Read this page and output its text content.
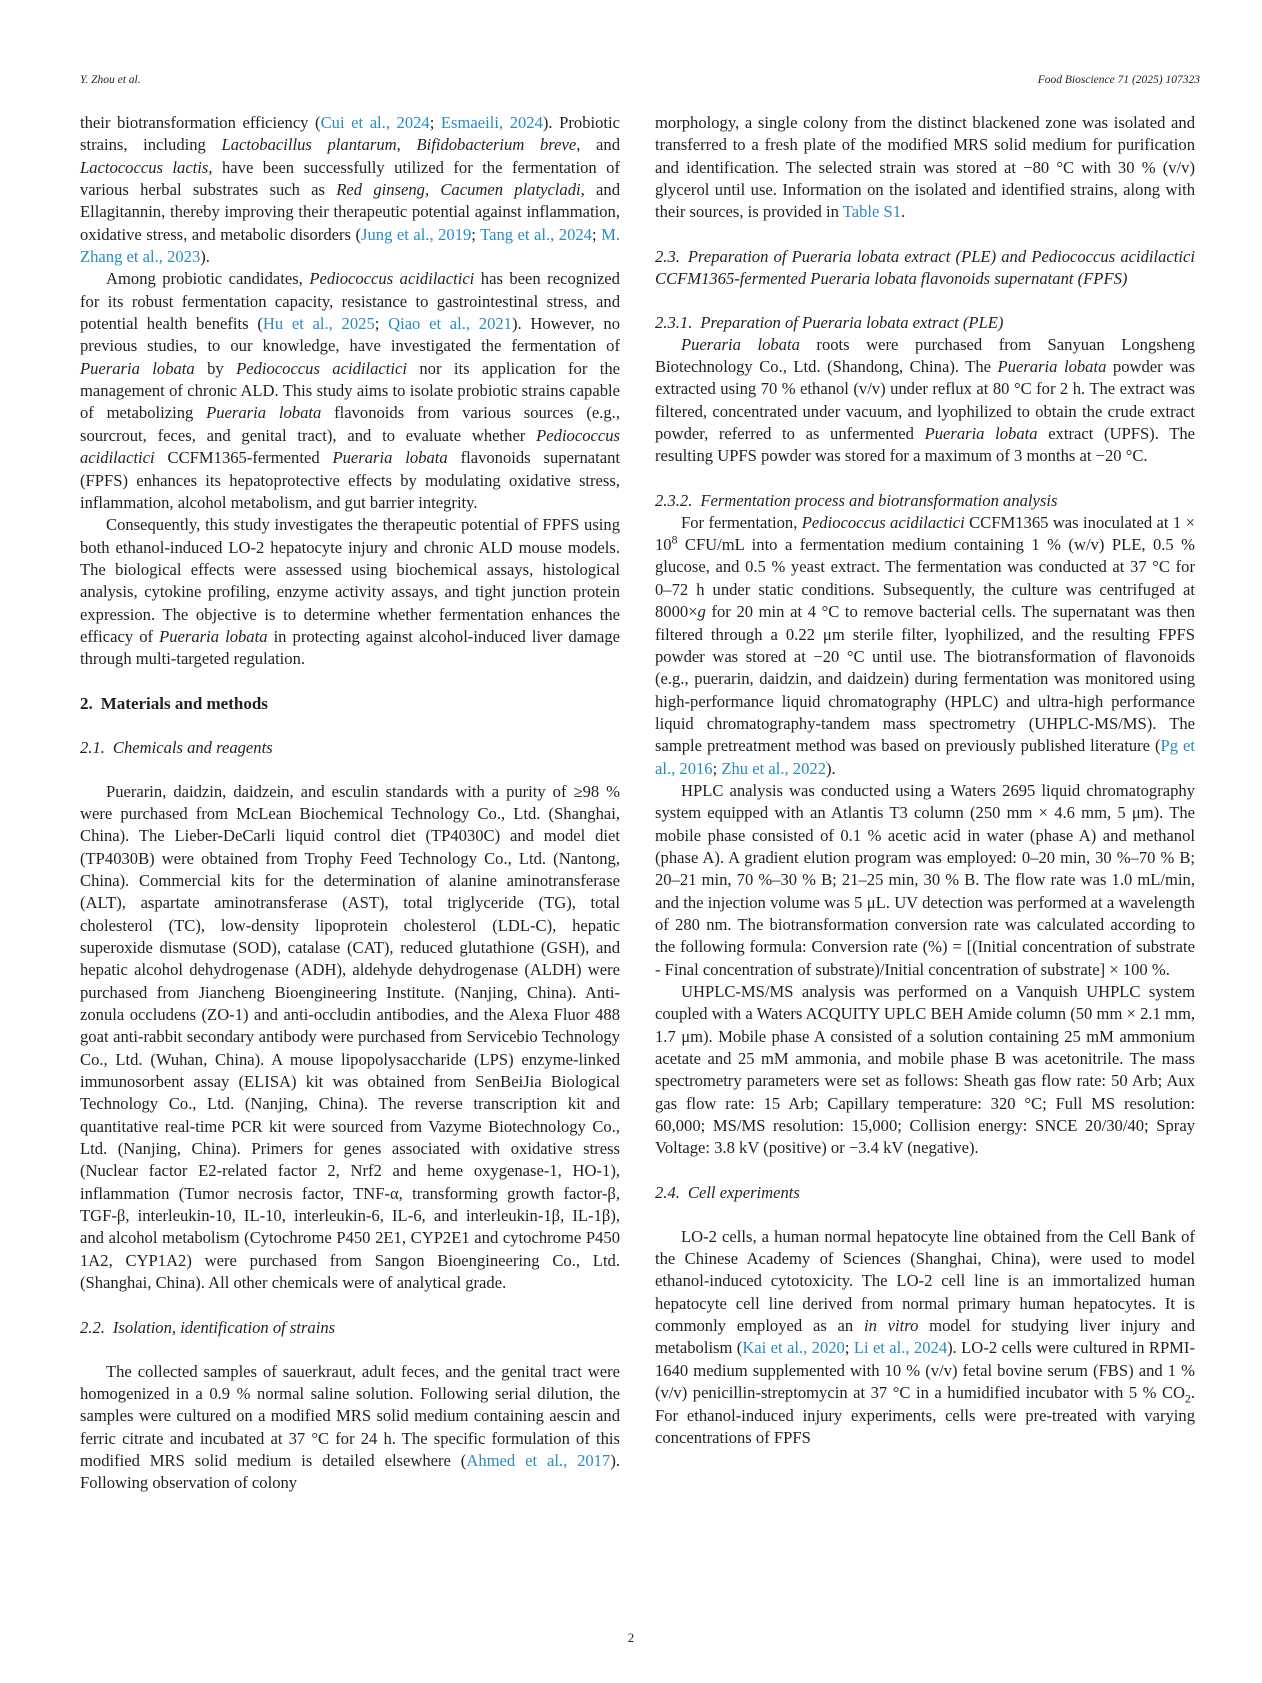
Y. Zhou et al.	Food Bioscience 71 (2025) 107323

their biotransformation efficiency (Cui et al., 2024; Esmaeili, 2024). Probiotic strains, including Lactobacillus plantarum, Bifidobacterium breve, and Lactococcus lactis, have been successfully utilized for the fermentation of various herbal substrates such as Red ginseng, Cacumen platycladi, and Ellagitannin, thereby improving their therapeutic potential against inflammation, oxidative stress, and metabolic disorders (Jung et al., 2019; Tang et al., 2024; M. Zhang et al., 2023).

Among probiotic candidates, Pediococcus acidilactici has been recognized for its robust fermentation capacity, resistance to gastrointestinal stress, and potential health benefits (Hu et al., 2025; Qiao et al., 2021). However, no previous studies, to our knowledge, have investigated the fermentation of Pueraria lobata by Pediococcus acidilactici nor its application for the management of chronic ALD. This study aims to isolate probiotic strains capable of metabolizing Pueraria lobata flavonoids from various sources (e.g., sourcrout, feces, and genital tract), and to evaluate whether Pediococcus acidilactici CCFM1365-fermented Pueraria lobata flavonoids supernatant (FPFS) enhances its hepatoprotective effects by modulating oxidative stress, inflammation, alcohol metabolism, and gut barrier integrity.

Consequently, this study investigates the therapeutic potential of FPFS using both ethanol-induced LO-2 hepatocyte injury and chronic ALD mouse models. The biological effects were assessed using biochemical assays, histological analysis, cytokine profiling, enzyme activity assays, and tight junction protein expression. The objective is to determine whether fermentation enhances the efficacy of Pueraria lobata in protecting against alcohol-induced liver damage through multi-targeted regulation.

2. Materials and methods
2.1. Chemicals and reagents

Puerarin, daidzin, daidzein, and esculin standards with a purity of ≥98 % were purchased from McLean Biochemical Technology Co., Ltd. (Shanghai, China). The Lieber-DeCarli liquid control diet (TP4030C) and model diet (TP4030B) were obtained from Trophy Feed Technology Co., Ltd. (Nantong, China). Commercial kits for the determination of alanine aminotransferase (ALT), aspartate aminotransferase (AST), total triglyceride (TG), total cholesterol (TC), low-density lipoprotein cholesterol (LDL-C), hepatic superoxide dismutase (SOD), catalase (CAT), reduced glutathione (GSH), and hepatic alcohol dehydrogenase (ADH), aldehyde dehydrogenase (ALDH) were purchased from Jiancheng Bioengineering Institute. (Nanjing, China). Anti-zonula occludens (ZO-1) and anti-occludin antibodies, and the Alexa Fluor 488 goat anti-rabbit secondary antibody were purchased from Servicebio Technology Co., Ltd. (Wuhan, China). A mouse lipopolysaccharide (LPS) enzyme-linked immunosorbent assay (ELISA) kit was obtained from SenBeiJia Biological Technology Co., Ltd. (Nanjing, China). The reverse transcription kit and quantitative real-time PCR kit were sourced from Vazyme Biotechnology Co., Ltd. (Nanjing, China). Primers for genes associated with oxidative stress (Nuclear factor E2-related factor 2, Nrf2 and heme oxygenase-1, HO-1), inflammation (Tumor necrosis factor, TNF-α, transforming growth factor-β, TGF-β, interleukin-10, IL-10, interleukin-6, IL-6, and interleukin-1β, IL-1β), and alcohol metabolism (Cytochrome P450 2E1, CYP2E1 and cytochrome P450 1A2, CYP1A2) were purchased from Sangon Bioengineering Co., Ltd. (Shanghai, China). All other chemicals were of analytical grade.

2.2. Isolation, identification of strains

The collected samples of sauerkraut, adult feces, and the genital tract were homogenized in a 0.9 % normal saline solution. Following serial dilution, the samples were cultured on a modified MRS solid medium containing aescin and ferric citrate and incubated at 37 °C for 24 h. The specific formulation of this modified MRS solid medium is detailed elsewhere (Ahmed et al., 2017). Following observation of colony

morphology, a single colony from the distinct blackened zone was isolated and transferred to a fresh plate of the modified MRS solid medium for purification and identification. The selected strain was stored at −80 °C with 30 % (v/v) glycerol until use. Information on the isolated and identified strains, along with their sources, is provided in Table S1.

2.3. Preparation of Pueraria lobata extract (PLE) and Pediococcus acidilactici CCFM1365-fermented Pueraria lobata flavonoids supernatant (FPFS)
2.3.1. Preparation of Pueraria lobata extract (PLE)

Pueraria lobata roots were purchased from Sanyuan Longsheng Biotechnology Co., Ltd. (Shandong, China). The Pueraria lobata powder was extracted using 70 % ethanol (v/v) under reflux at 80 °C for 2 h. The extract was filtered, concentrated under vacuum, and lyophilized to obtain the crude extract powder, referred to as unfermented Pueraria lobata extract (UPFS). The resulting UPFS powder was stored for a maximum of 3 months at −20 °C.

2.3.2. Fermentation process and biotransformation analysis

For fermentation, Pediococcus acidilactici CCFM1365 was inoculated at $1 \times 10^8$ CFU/mL into a fermentation medium containing 1 % (w/v) PLE, 0.5 % glucose, and 0.5 % yeast extract. The fermentation was conducted at 37 °C for 0–72 h under static conditions. Subsequently, the culture was centrifuged at 8000×g for 20 min at 4 °C to remove bacterial cells. The supernatant was then filtered through a 0.22 μm sterile filter, lyophilized, and the resulting FPFS powder was stored at −20 °C until use. The biotransformation of flavonoids (e.g., puerarin, daidzin, and daidzein) during fermentation was monitored using high-performance liquid chromatography (HPLC) and ultra-high performance liquid chromatography-tandem mass spectrometry (UHPLC-MS/MS). The sample pretreatment method was based on previously published literature (Pg et al., 2016; Zhu et al., 2022).

HPLC analysis was conducted using a Waters 2695 liquid chromatography system equipped with an Atlantis T3 column (250 mm × 4.6 mm, 5 μm). The mobile phase consisted of 0.1 % acetic acid in water (phase A) and methanol (phase A). A gradient elution program was employed: 0–20 min, 30 %–70 % B; 20–21 min, 70 %–30 % B; 21–25 min, 30 % B. The flow rate was 1.0 mL/min, and the injection volume was 5 μL. UV detection was performed at a wavelength of 280 nm. The biotransformation conversion rate was calculated according to the following formula: Conversion rate (%) = [(Initial concentration of substrate - Final concentration of substrate)/Initial concentration of substrate] × 100 %.

UHPLC-MS/MS analysis was performed on a Vanquish UHPLC system coupled with a Waters ACQUITY UPLC BEH Amide column (50 mm × 2.1 mm, 1.7 μm). Mobile phase A consisted of a solution containing 25 mM ammonium acetate and 25 mM ammonia, and mobile phase B was acetonitrile. The mass spectrometry parameters were set as follows: Sheath gas flow rate: 50 Arb; Aux gas flow rate: 15 Arb; Capillary temperature: 320 °C; Full MS resolution: 60,000; MS/MS resolution: 15,000; Collision energy: SNCE 20/30/40; Spray Voltage: 3.8 kV (positive) or −3.4 kV (negative).

2.4. Cell experiments

LO-2 cells, a human normal hepatocyte line obtained from the Cell Bank of the Chinese Academy of Sciences (Shanghai, China), were used to model ethanol-induced cytotoxicity. The LO-2 cell line is an immortalized human hepatocyte cell line derived from normal primary human hepatocytes. It is commonly employed as an in vitro model for studying liver injury and metabolism (Kai et al., 2020; Li et al., 2024). LO-2 cells were cultured in RPMI-1640 medium supplemented with 10 % (v/v) fetal bovine serum (FBS) and 1 % (v/v) penicillin-streptomycin at 37 °C in a humidified incubator with 5 % $CO_2$. For ethanol-induced injury experiments, cells were pre-treated with varying concentrations of FPFS

2
